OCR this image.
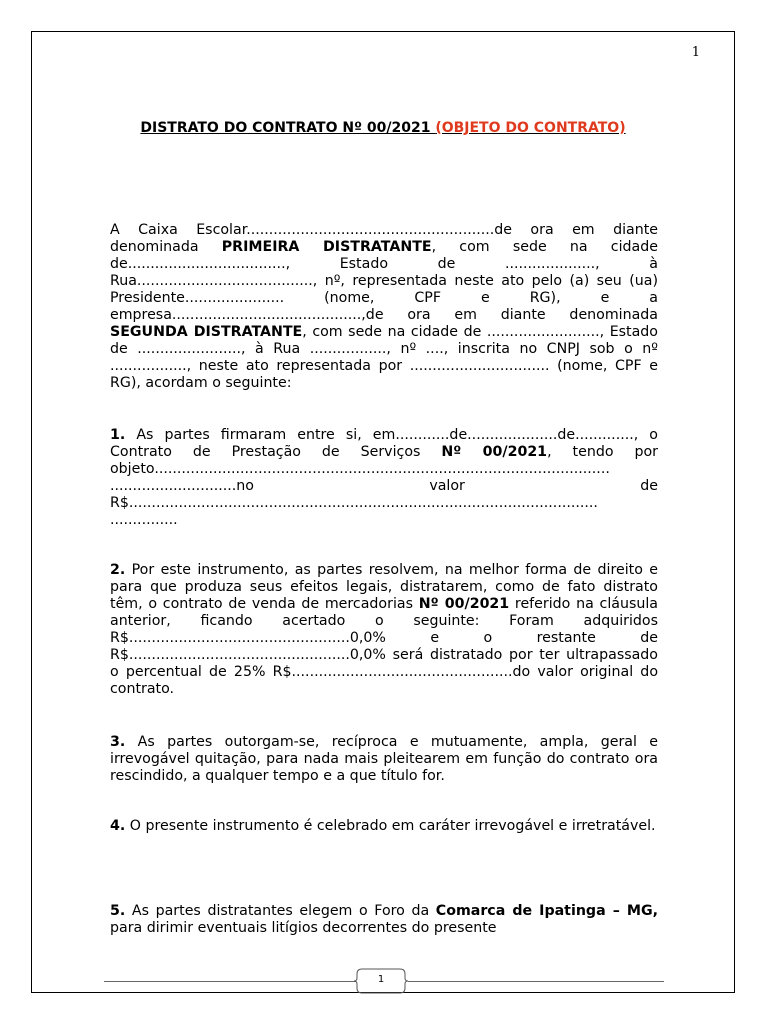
1
DISTRATO DO CONTRATO Nº 00/2021 (OBJETO DO CONTRATO)

A Caixa Escolar.......................................................de ora em diante denominada PRIMEIRA DISTRATANTE, com sede na cidade de..................................., Estado de ...................., à Rua......................................., nº, representada neste ato pelo (a) seu (ua) Presidente...................... (nome, CPF e RG), e a empresa..........................................,de ora em diante denominada SEGUNDA DISTRATANTE, com sede na cidade de ........................., Estado de ......................., à Rua ................., nº ...., inscrita no CNPJ sob o nº ................., neste ato representada por ............................... (nome, CPF e RG), acordam o seguinte:

1. As partes firmaram entre si, em............de....................de............., o Contrato de Prestação de Serviços Nº 00/2021, tendo por objeto..................................................................................................... ............................no valor de R$........................................................................................................ ...............

2. Por este instrumento, as partes resolvem, na melhor forma de direito e para que produza seus efeitos legais, distratarem, como de fato distrato têm, o contrato de venda de mercadorias Nº 00/2021 referido na cláusula anterior, ficando acertado o seguinte: Foram adquiridos R$.................................................0,0% e o restante de R$.................................................0,0% será distratado por ter ultrapassado o percentual de 25% R$.................................................do valor original do contrato.

3. As partes outorgam-se, recíproca e mutuamente, ampla, geral e irrevogável quitação, para nada mais pleitearem em função do contrato ora rescindido, a qualquer tempo e a que título for.

4. O presente instrumento é celebrado em caráter irrevogável e irretratável.

5. As partes distratantes elegem o Foro da Comarca de Ipatinga – MG, para dirimir eventuais litígios decorrentes do presente

1
